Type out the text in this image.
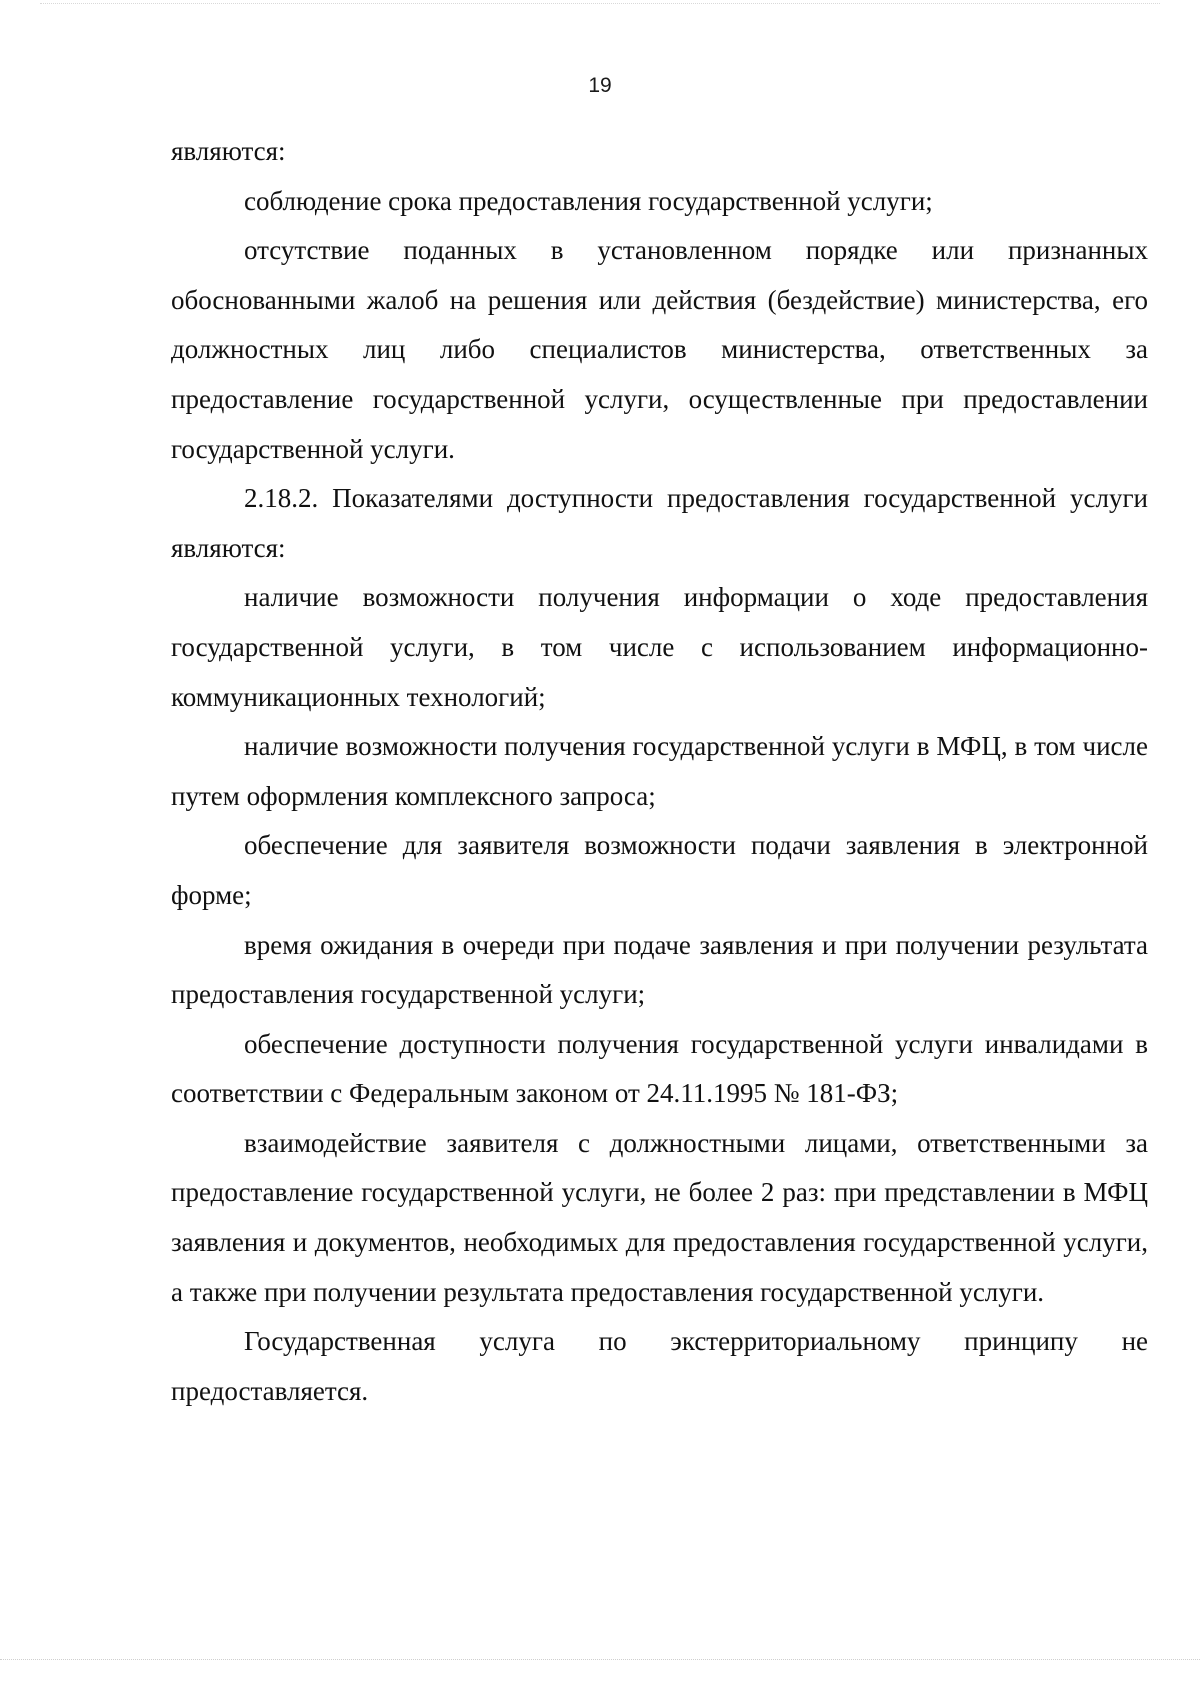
19

являются:

соблюдение срока предоставления государственной услуги;

отсутствие поданных в установленном порядке или признанных обоснованными жалоб на решения или действия (бездействие) министерства, его должностных лиц либо специалистов министерства, ответственных за предоставление государственной услуги, осуществленные при предоставлении государственной услуги.

2.18.2. Показателями доступности предоставления государственной услуги являются:

наличие возможности получения информации о ходе предоставления государственной услуги, в том числе с использованием информационно-коммуникационных технологий;

наличие возможности получения государственной услуги в МФЦ, в том числе путем оформления комплексного запроса;

обеспечение для заявителя возможности подачи заявления в электронной форме;

время ожидания в очереди при подаче заявления и при получении результата предоставления государственной услуги;

обеспечение доступности получения государственной услуги инвалидами в соответствии с Федеральным законом от 24.11.1995 № 181-ФЗ;

взаимодействие заявителя с должностными лицами, ответственными за предоставление государственной услуги, не более 2 раз: при представлении в МФЦ заявления и документов, необходимых для предоставления государственной услуги, а также при получении результата предоставления государственной услуги.

Государственная услуга по экстерриториальному принципу не предоставляется.
